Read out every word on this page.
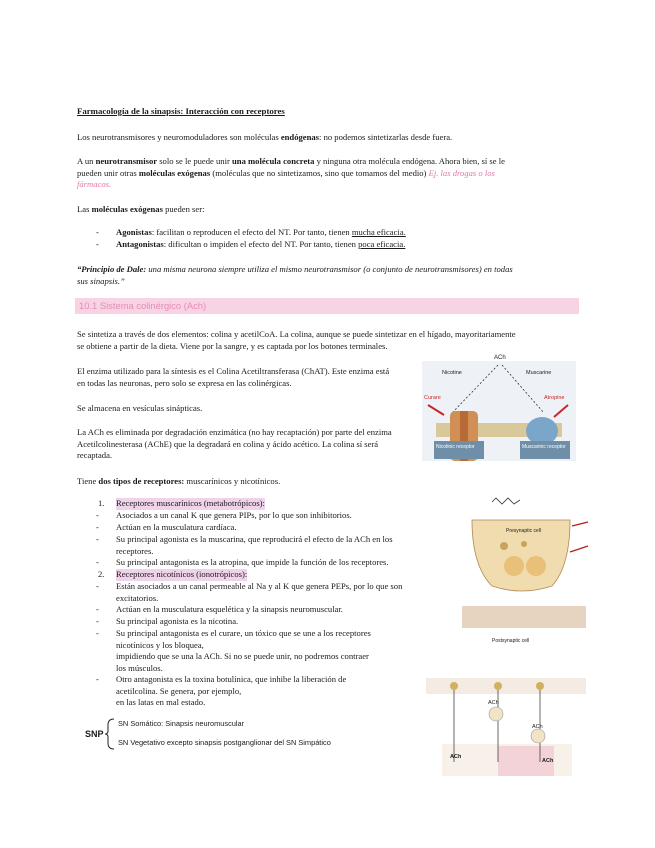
Farmacología de la sinapsis: Interacción con receptores
Los neurotransmisores y neuromoduladores son moléculas endógenas: no podemos sintetizarlas desde fuera.
A un neurotransmisor solo se le puede unir una molécula concreta y ninguna otra molécula endógena. Ahora bien, sí se le
pueden unir otras moléculas exógenas (moléculas que no sintetizamos, sino que tomamos del medio) Ej. las drogas o los
fármacos.
Las moléculas exógenas pueden ser:
- Agonistas: facilitan o reproducen el efecto del NT. Por tanto, tienen mucha eficacia.
- Antagonistas: dificultan o impiden el efecto del NT. Por tanto, tienen poca eficacia.
“Principio de Dale: una misma neurona siempre utiliza el mismo neurotransmisor (o conjunto de neurotransmisores) en todas
sus sinapsis.”
10.1 Sistema colinérgico (Ach)
Se sintetiza a través de dos elementos: colina y acetilCoA. La colina, aunque se puede sintetizar en el hígado, mayoritariamente
se obtiene a partir de la dieta. Viene por la sangre, y es captada por los botones terminales.
El enzima utilizado para la síntesis es el Colina Acetiltransferasa (ChAT). Este enzima está
en todas las neuronas, pero solo se expresa en las colinérgicas.
Se almacena en vesículas sinápticas.
La ACh es eliminada por degradación enzimática (no hay recaptación) por parte del enzima
Acetilcolinesterasa (AChE) que la degradará en colina y ácido acético. La colina sí será
recaptada.
Tiene dos tipos de receptores: muscarínicos y nicotínicos.
1. Receptores muscarínicos (metabotrópicos):
- Asociados a un canal K que genera PIPs, por lo que son inhibitorios.
- Actúan en la musculatura cardíaca.
- Su principal agonista es la muscarina, que reproducirá el efecto de la ACh en los
receptores.
- Su principal antagonista es la atropina, que impide la función de los receptores.
2. Receptores nicotínicos (ionotrópicos):
- Están asociados a un canal permeable al Na y al K que genera PEPs, por lo que son
excitatorios.
- Actúan en la musculatura esquelética y la sinapsis neuromuscular.
- Su principal agonista es la nicotina.
- Su principal antagonista es el curare, un tóxico que se une a los receptores
nicotínicos y los bloquea,
impidiendo que se una la ACh. Si no se puede unir, no podremos contraer
los músculos.
- Otro antagonista es la toxina botulínica, que inhibe la liberación de
acetilcolina. Se genera, por ejemplo,
en las latas en mal estado.
SNP
SN Somático: Sinapsis neuromuscular
SN Vegetativo excepto sinapsis postganglionar del SN Simpático
ACh
Nicotine	Muscarine
Curare	Atropine
Nicotinic receptor	Muscarinic receptor
Postsynaptic cell
Presynaptic cell
ACh
ACh
ACh
ACh
